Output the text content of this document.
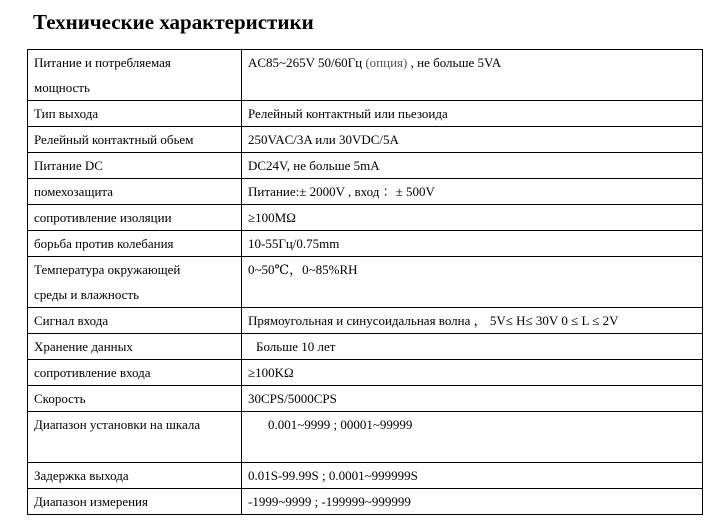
Технические характеристики
Питание и потребляемая
мощность	AC85~265V 50/60Гц (опция) , не больше 5VA
Тип выхода	Релейный контактный или пьезоида
Релейный контактный обьем	250VAC/3A или 30VDC/5A
Питание DC	DC24V, не больше 5mA
помехозащита	Питание:± 2000V , вход ：± 500V
сопротивление изоляции	≥100MΩ
борьба против колебания	10-55Гц/0.75mm
Температура окружающей
среды и влажность	0~50℃，0~85%RH
Сигнал входа	Прямоугольная и синусоидальная волна ， 5V≤ H≤ 30V 0 ≤ L ≤ 2V
Хранение данных	Больше 10 лет
сопротивление входа	≥100KΩ
Скорость	30CPS/5000CPS
Диапазон установки на шкала	0.001~9999 ; 00001~99999
Задержка выхода	0.01S-99.99S ; 0.0001~999999S
Диапазон измерения	-1999~9999 ; -199999~999999
